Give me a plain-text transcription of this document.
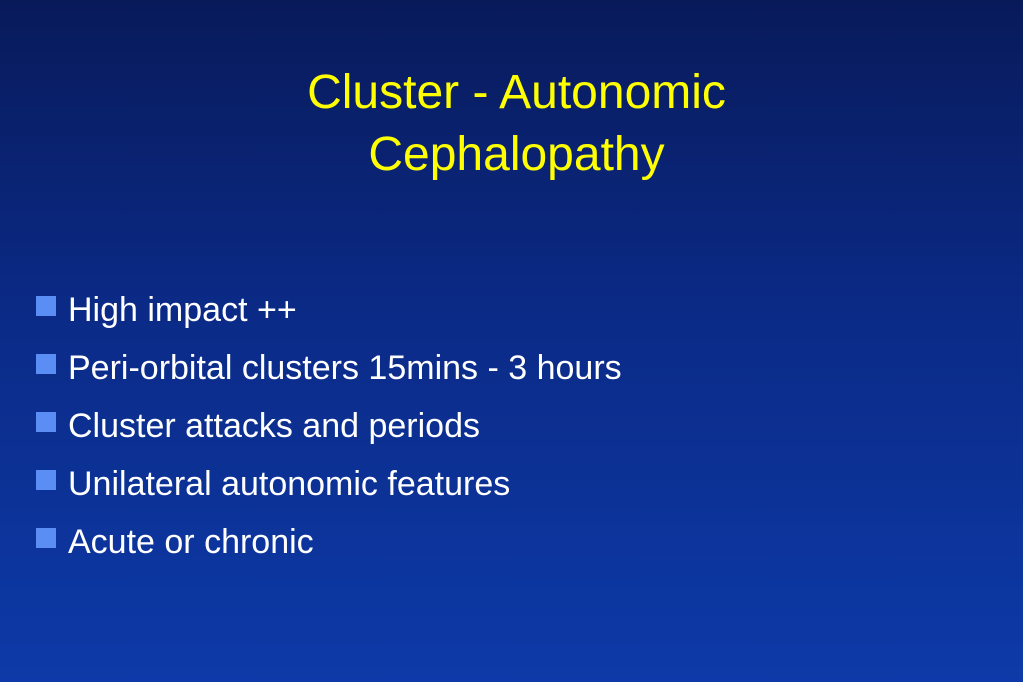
Cluster - Autonomic
Cephalopathy
High impact ++
Peri-orbital clusters 15mins - 3 hours
Cluster attacks and periods
Unilateral autonomic features
Acute or chronic
